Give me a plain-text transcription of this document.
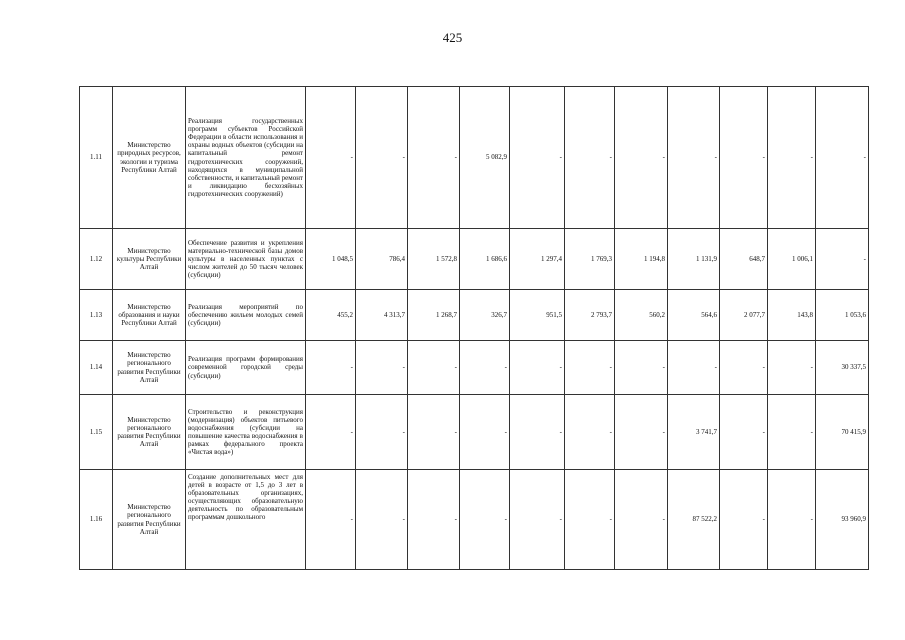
425
1.11	Министерство природных ресурсов, экологии и туризма Республики Алтай	Реализация государственных программ субъектов Российской Федерации в области использования и охраны водных объектов (субсидии на капитальный ремонт гидротехнических сооружений, находящихся в муниципальной собственности, и капитальный ремонт и ликвидацию бесхозяйных гидротехнических сооружений)	-	-	-	5 082,9	-	-	-	-	-	-	-
1.12	Министерство культуры Республики Алтай	Обеспечение развития и укрепления материально-технической базы домов культуры в населенных пунктах с числом жителей до 50 тысяч человек (субсидии)	1 048,5	786,4	1 572,8	1 686,6	1 297,4	1 769,3	1 194,8	1 131,9	648,7	1 006,1	-
1.13	Министерство образования и науки Республики Алтай	Реализация мероприятий по обеспечению жильем молодых семей (субсидии)	455,2	4 313,7	1 268,7	326,7	951,5	2 793,7	560,2	564,6	2 077,7	143,8	1 053,6
1.14	Министерство регионального развития Республики Алтай	Реализация программ формирования современной городской среды (субсидии)	-	-	-	-	-	-	-	-	-	-	30 337,5
1.15	Министерство регионального развития Республики Алтай	Строительство и реконструкция (модернизация) объектов питьевого водоснабжения (субсидии на повышение качества водоснабжения в рамках федерального проекта «Чистая вода»)	-	-	-	-	-	-	-	3 741,7	-	-	70 415,9
1.16	Министерство регионального развития Республики Алтай	Создание дополнительных мест для детей в возрасте от 1,5 до 3 лет в образовательных организациях, осуществляющих образовательную деятельность по образовательным программам дошкольного	-	-	-	-	-	-	-	87 522,2	-	-	93 960,9
